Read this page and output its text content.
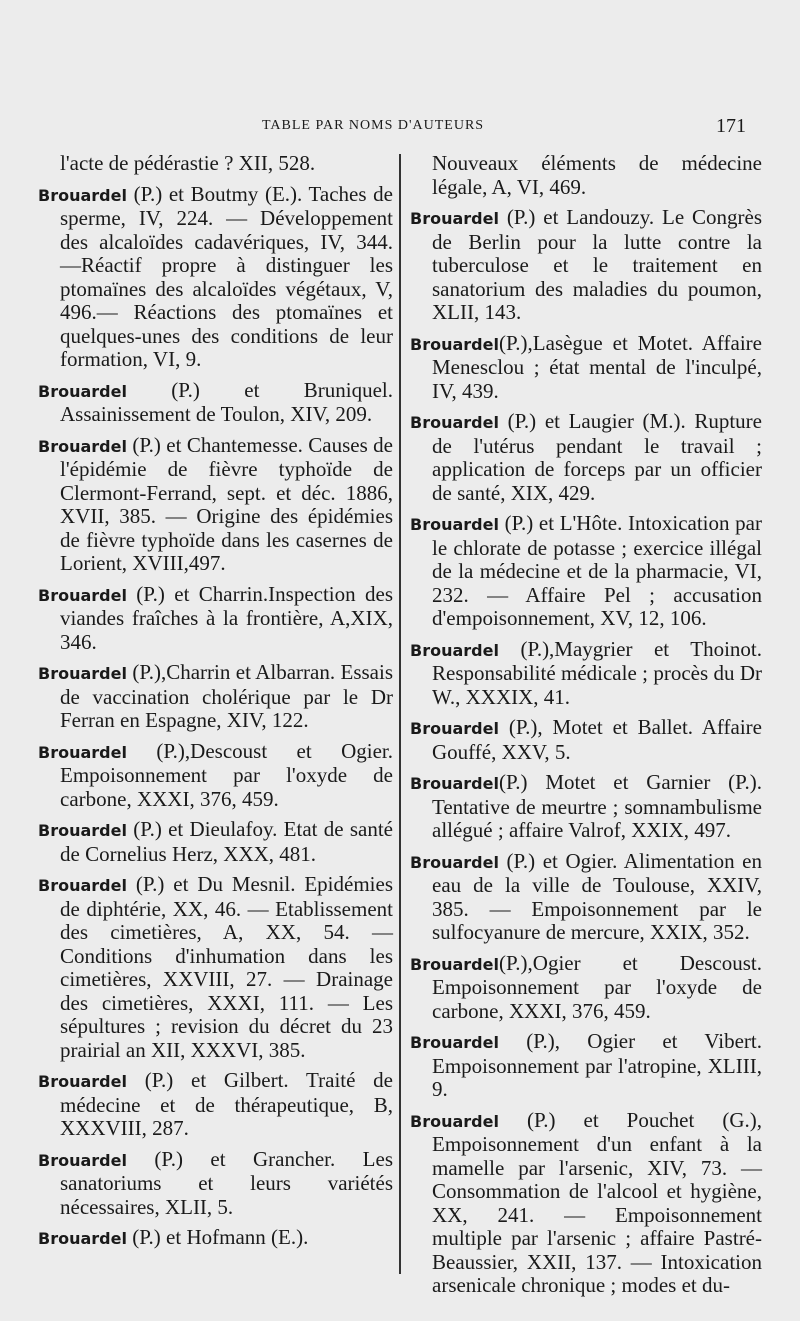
TABLE PAR NOMS D'AUTEURS	171

l'acte de pédérastie ? XII, 528.

Brouardel (P.) et Boutmy (E.). Taches de sperme, IV, 224. — Développement des alcaloïdes cadavériques, IV, 344. —Réactif propre à distinguer les ptomaïnes des alcaloïdes végétaux, V, 496.— Réactions des ptomaïnes et quelques-unes des conditions de leur formation, VI, 9.

Brouardel (P.) et Bruniquel. Assainissement de Toulon, XIV, 209.

Brouardel (P.) et Chantemesse. Causes de l'épidémie de fièvre typhoïde de Clermont-Ferrand, sept. et déc. 1886, XVII, 385. — Origine des épidémies de fièvre typhoïde dans les casernes de Lorient, XVIII,497.

Brouardel (P.) et Charrin.Inspection des viandes fraîches à la frontière, A,XIX, 346.

Brouardel (P.),Charrin et Albarran. Essais de vaccination cholérique par le Dr Ferran en Espagne, XIV, 122.

Brouardel (P.),Descoust et Ogier. Empoisonnement par l'oxyde de carbone, XXXI, 376, 459.

Brouardel (P.) et Dieulafoy. Etat de santé de Cornelius Herz, XXX, 481.

Brouardel (P.) et Du Mesnil. Epidémies de diphtérie, XX, 46. — Etablissement des cimetières, A, XX, 54. — Conditions d'inhumation dans les cimetières, XXVIII, 27. — Drainage des cimetières, XXXI, 111. — Les sépultures ; revision du décret du 23 prairial an XII, XXXVI, 385.

Brouardel (P.) et Gilbert. Traité de médecine et de thérapeutique, B, XXXVIII, 287.

Brouardel (P.) et Grancher. Les sanatoriums et leurs variétés nécessaires, XLII, 5.

Brouardel (P.) et Hofmann (E.).

Nouveaux éléments de médecine légale, A, VI, 469.

Brouardel (P.) et Landouzy. Le Congrès de Berlin pour la lutte contre la tuberculose et le traitement en sanatorium des maladies du poumon, XLII, 143.

Brouardel(P.),Lasègue et Motet. Affaire Menesclou ; état mental de l'inculpé, IV, 439.

Brouardel (P.) et Laugier (M.). Rupture de l'utérus pendant le travail ; application de forceps par un officier de santé, XIX, 429.

Brouardel (P.) et L'Hôte. Intoxication par le chlorate de potasse ; exercice illégal de la médecine et de la pharmacie, VI, 232. — Affaire Pel ; accusation d'empoisonnement, XV, 12, 106.

Brouardel (P.),Maygrier et Thoinot. Responsabilité médicale ; procès du Dr W., XXXIX, 41.

Brouardel (P.), Motet et Ballet. Affaire Gouffé, XXV, 5.

Brouardel(P.) Motet et Garnier (P.). Tentative de meurtre ; somnambulisme allégué ; affaire Valrof, XXIX, 497.

Brouardel (P.) et Ogier. Alimentation en eau de la ville de Toulouse, XXIV, 385. — Empoisonnement par le sulfocyanure de mercure, XXIX, 352.

Brouardel(P.),Ogier et Descoust. Empoisonnement par l'oxyde de carbone, XXXI, 376, 459.

Brouardel (P.), Ogier et Vibert. Empoisonnement par l'atropine, XLIII, 9.

Brouardel (P.) et Pouchet (G.), Empoisonnement d'un enfant à la mamelle par l'arsenic, XIV, 73. — Consommation de l'alcool et hygiène, XX, 241. — Empoisonnement multiple par l'arsenic ; affaire Pastré-Beaussier, XXII, 137. — Intoxication arsenicale chronique ; modes et du-
